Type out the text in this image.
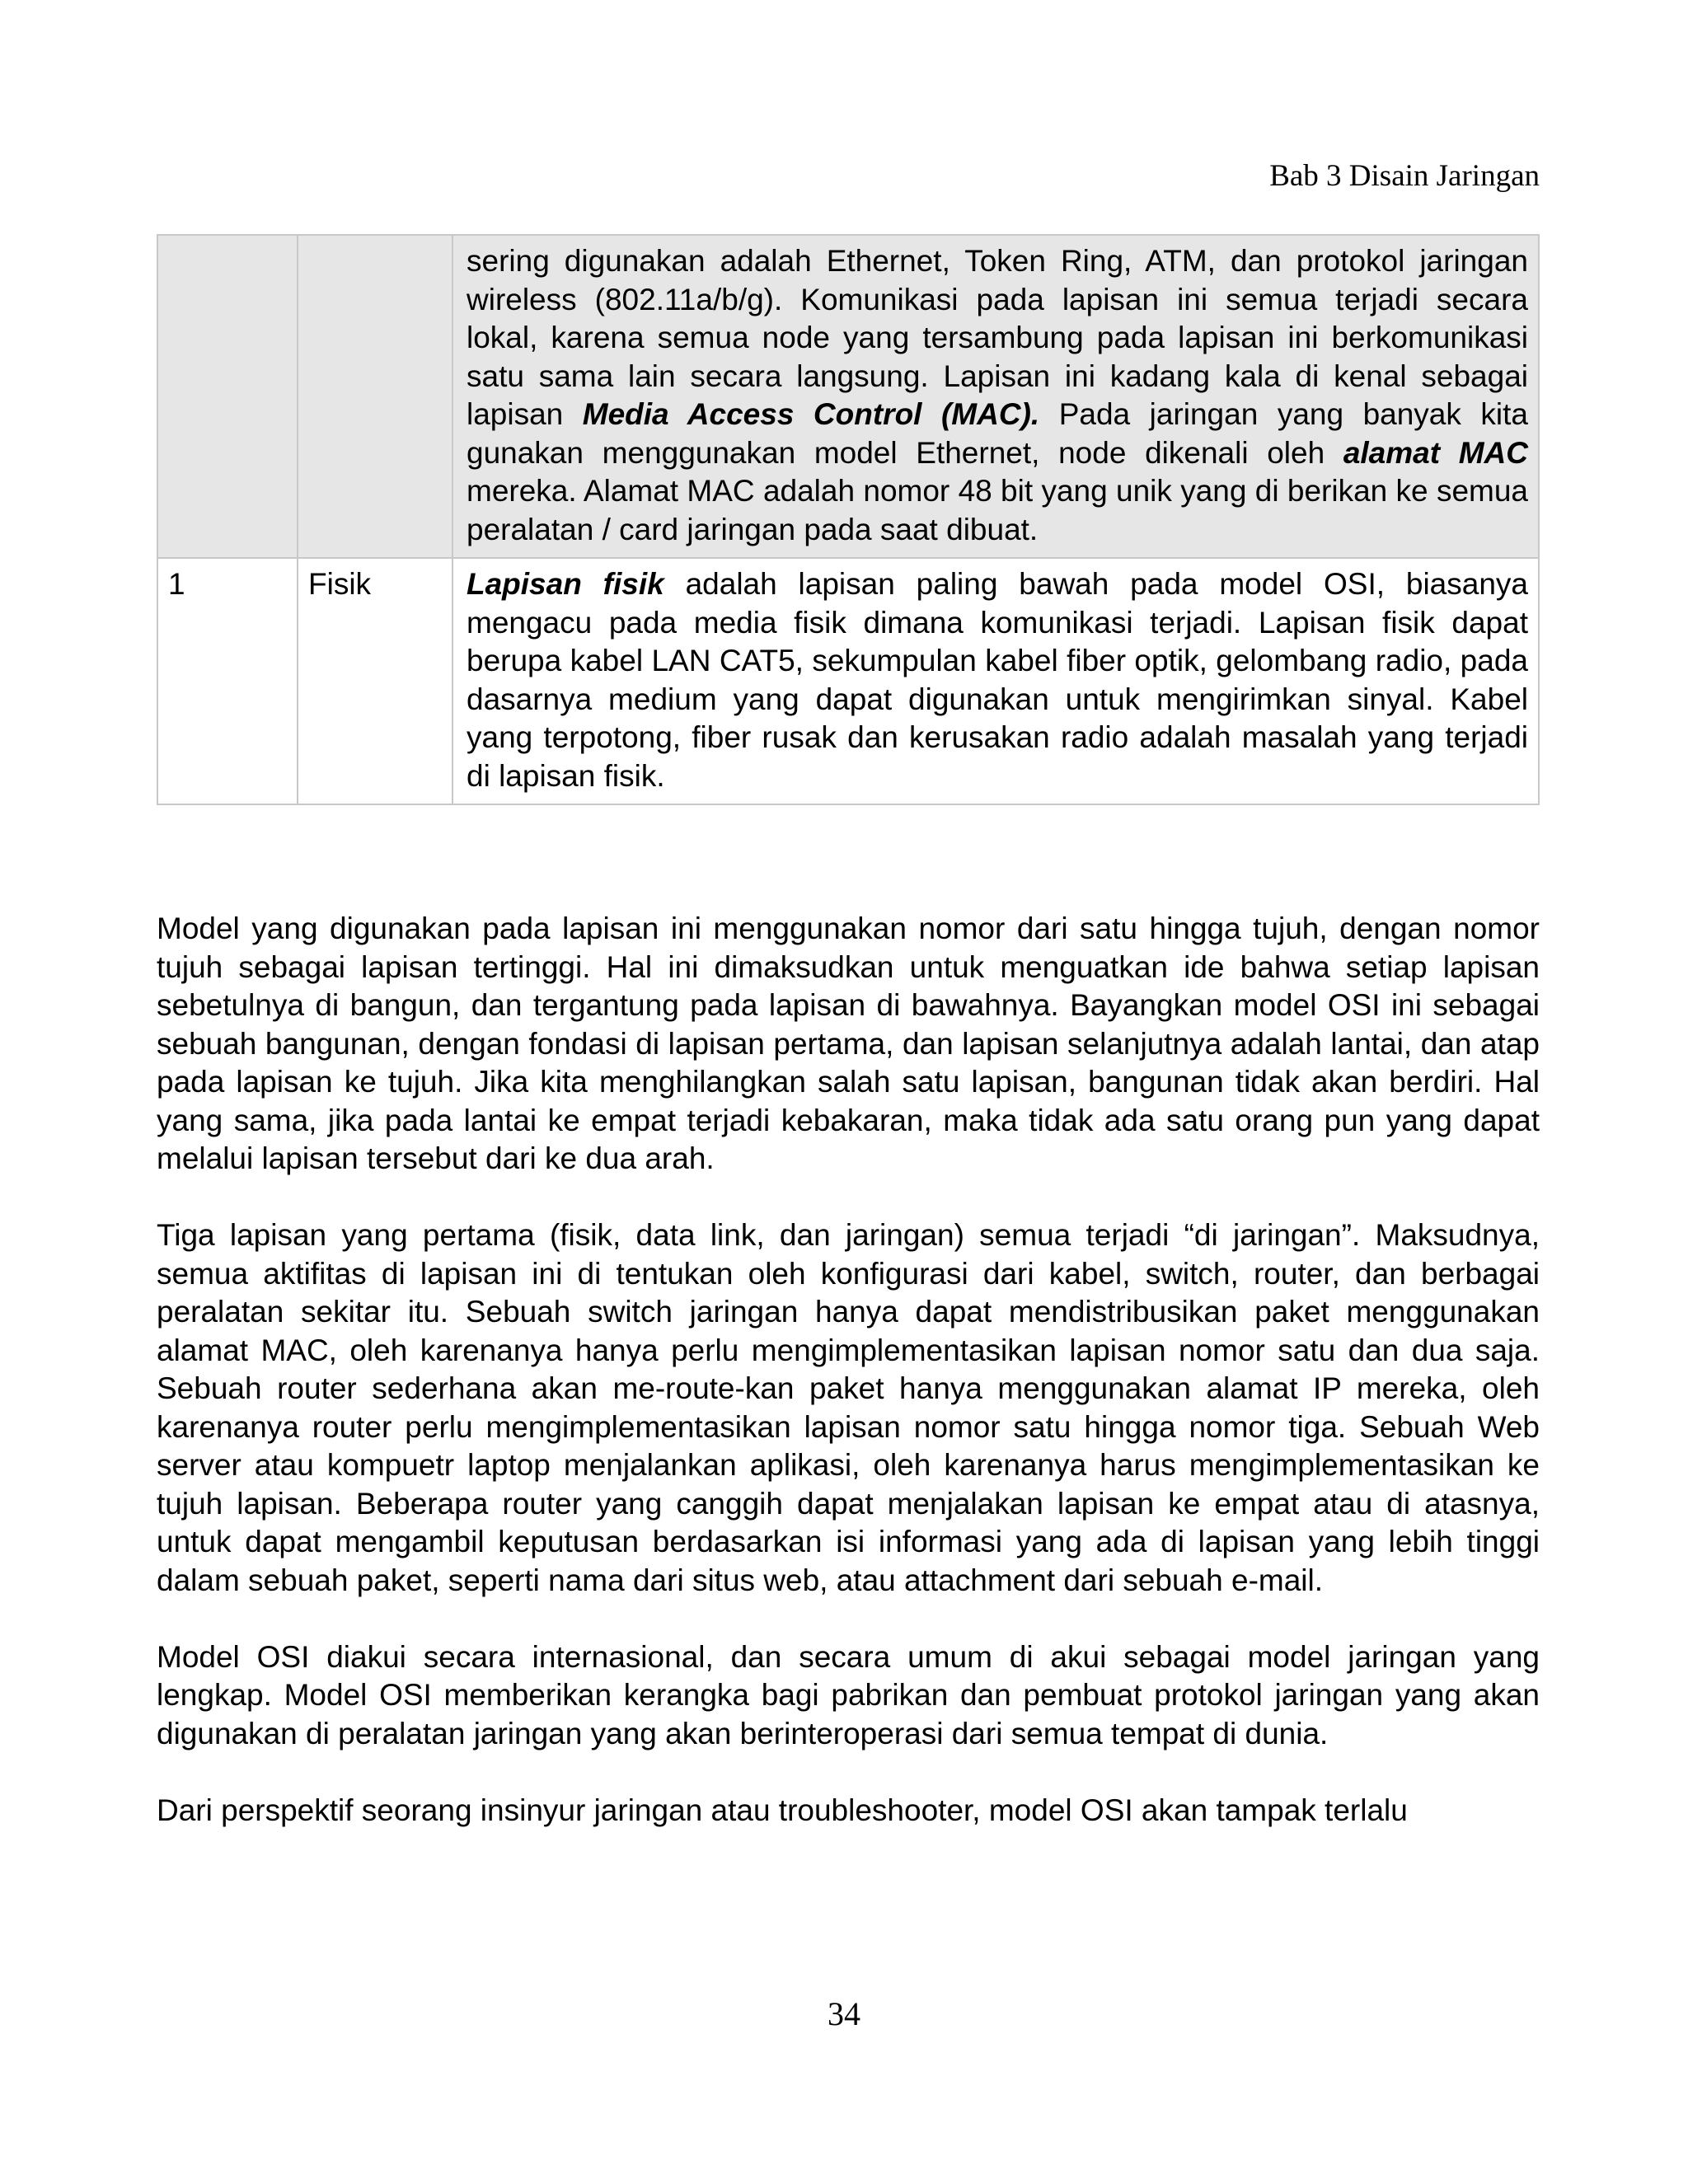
Bab 3 Disain Jaringan
		sering digunakan adalah Ethernet, Token Ring, ATM, dan protokol jaringan wireless (802.11a/b/g). Komunikasi pada lapisan ini semua terjadi secara lokal, karena semua node yang tersambung pada lapisan ini berkomunikasi satu sama lain secara langsung. Lapisan ini kadang kala di kenal sebagai lapisan Media Access Control (MAC). Pada jaringan yang banyak kita gunakan menggunakan model Ethernet, node dikenali oleh alamat MAC mereka. Alamat MAC adalah nomor 48 bit yang unik yang di berikan ke semua peralatan / card jaringan pada saat dibuat.
1	Fisik	Lapisan fisik adalah lapisan paling bawah pada model OSI, biasanya mengacu pada media fisik dimana komunikasi terjadi. Lapisan fisik dapat berupa kabel LAN CAT5, sekumpulan kabel fiber optik, gelombang radio, pada dasarnya medium yang dapat digunakan untuk mengirimkan sinyal. Kabel yang terpotong, fiber rusak dan kerusakan radio adalah masalah yang terjadi di lapisan fisik.

Model yang digunakan pada lapisan ini menggunakan nomor dari satu hingga tujuh, dengan nomor tujuh sebagai lapisan tertinggi. Hal ini dimaksudkan untuk menguatkan ide bahwa setiap lapisan sebetulnya di bangun, dan tergantung pada lapisan di bawahnya. Bayangkan model OSI ini sebagai sebuah bangunan, dengan fondasi di lapisan pertama, dan lapisan selanjutnya adalah lantai, dan atap pada lapisan ke tujuh. Jika kita menghilangkan salah satu lapisan, bangunan tidak akan berdiri. Hal yang sama, jika pada lantai ke empat terjadi kebakaran, maka tidak ada satu orang pun yang dapat melalui lapisan tersebut dari ke dua arah.

Tiga lapisan yang pertama (fisik, data link, dan jaringan) semua terjadi “di jaringan”. Maksudnya, semua aktifitas di lapisan ini di tentukan oleh konfigurasi dari kabel, switch, router, dan berbagai peralatan sekitar itu. Sebuah switch jaringan hanya dapat mendistribusikan paket menggunakan alamat MAC, oleh karenanya hanya perlu mengimplementasikan lapisan nomor satu dan dua saja. Sebuah router sederhana akan me-route-kan paket hanya menggunakan alamat IP mereka, oleh karenanya router perlu mengimplementasikan lapisan nomor satu hingga nomor tiga. Sebuah Web server atau kompuetr laptop menjalankan aplikasi, oleh karenanya harus mengimplementasikan ke tujuh lapisan. Beberapa router yang canggih dapat menjalakan lapisan ke empat atau di atasnya, untuk dapat mengambil keputusan berdasarkan isi informasi yang ada di lapisan yang lebih tinggi dalam sebuah paket, seperti nama dari situs web, atau attachment dari sebuah e-mail.

Model OSI diakui secara internasional, dan secara umum di akui sebagai model jaringan yang lengkap. Model OSI memberikan kerangka bagi pabrikan dan pembuat protokol jaringan yang akan digunakan di peralatan jaringan yang akan berinteroperasi dari semua tempat di dunia.

Dari perspektif seorang insinyur jaringan atau troubleshooter, model OSI akan tampak terlalu

34
